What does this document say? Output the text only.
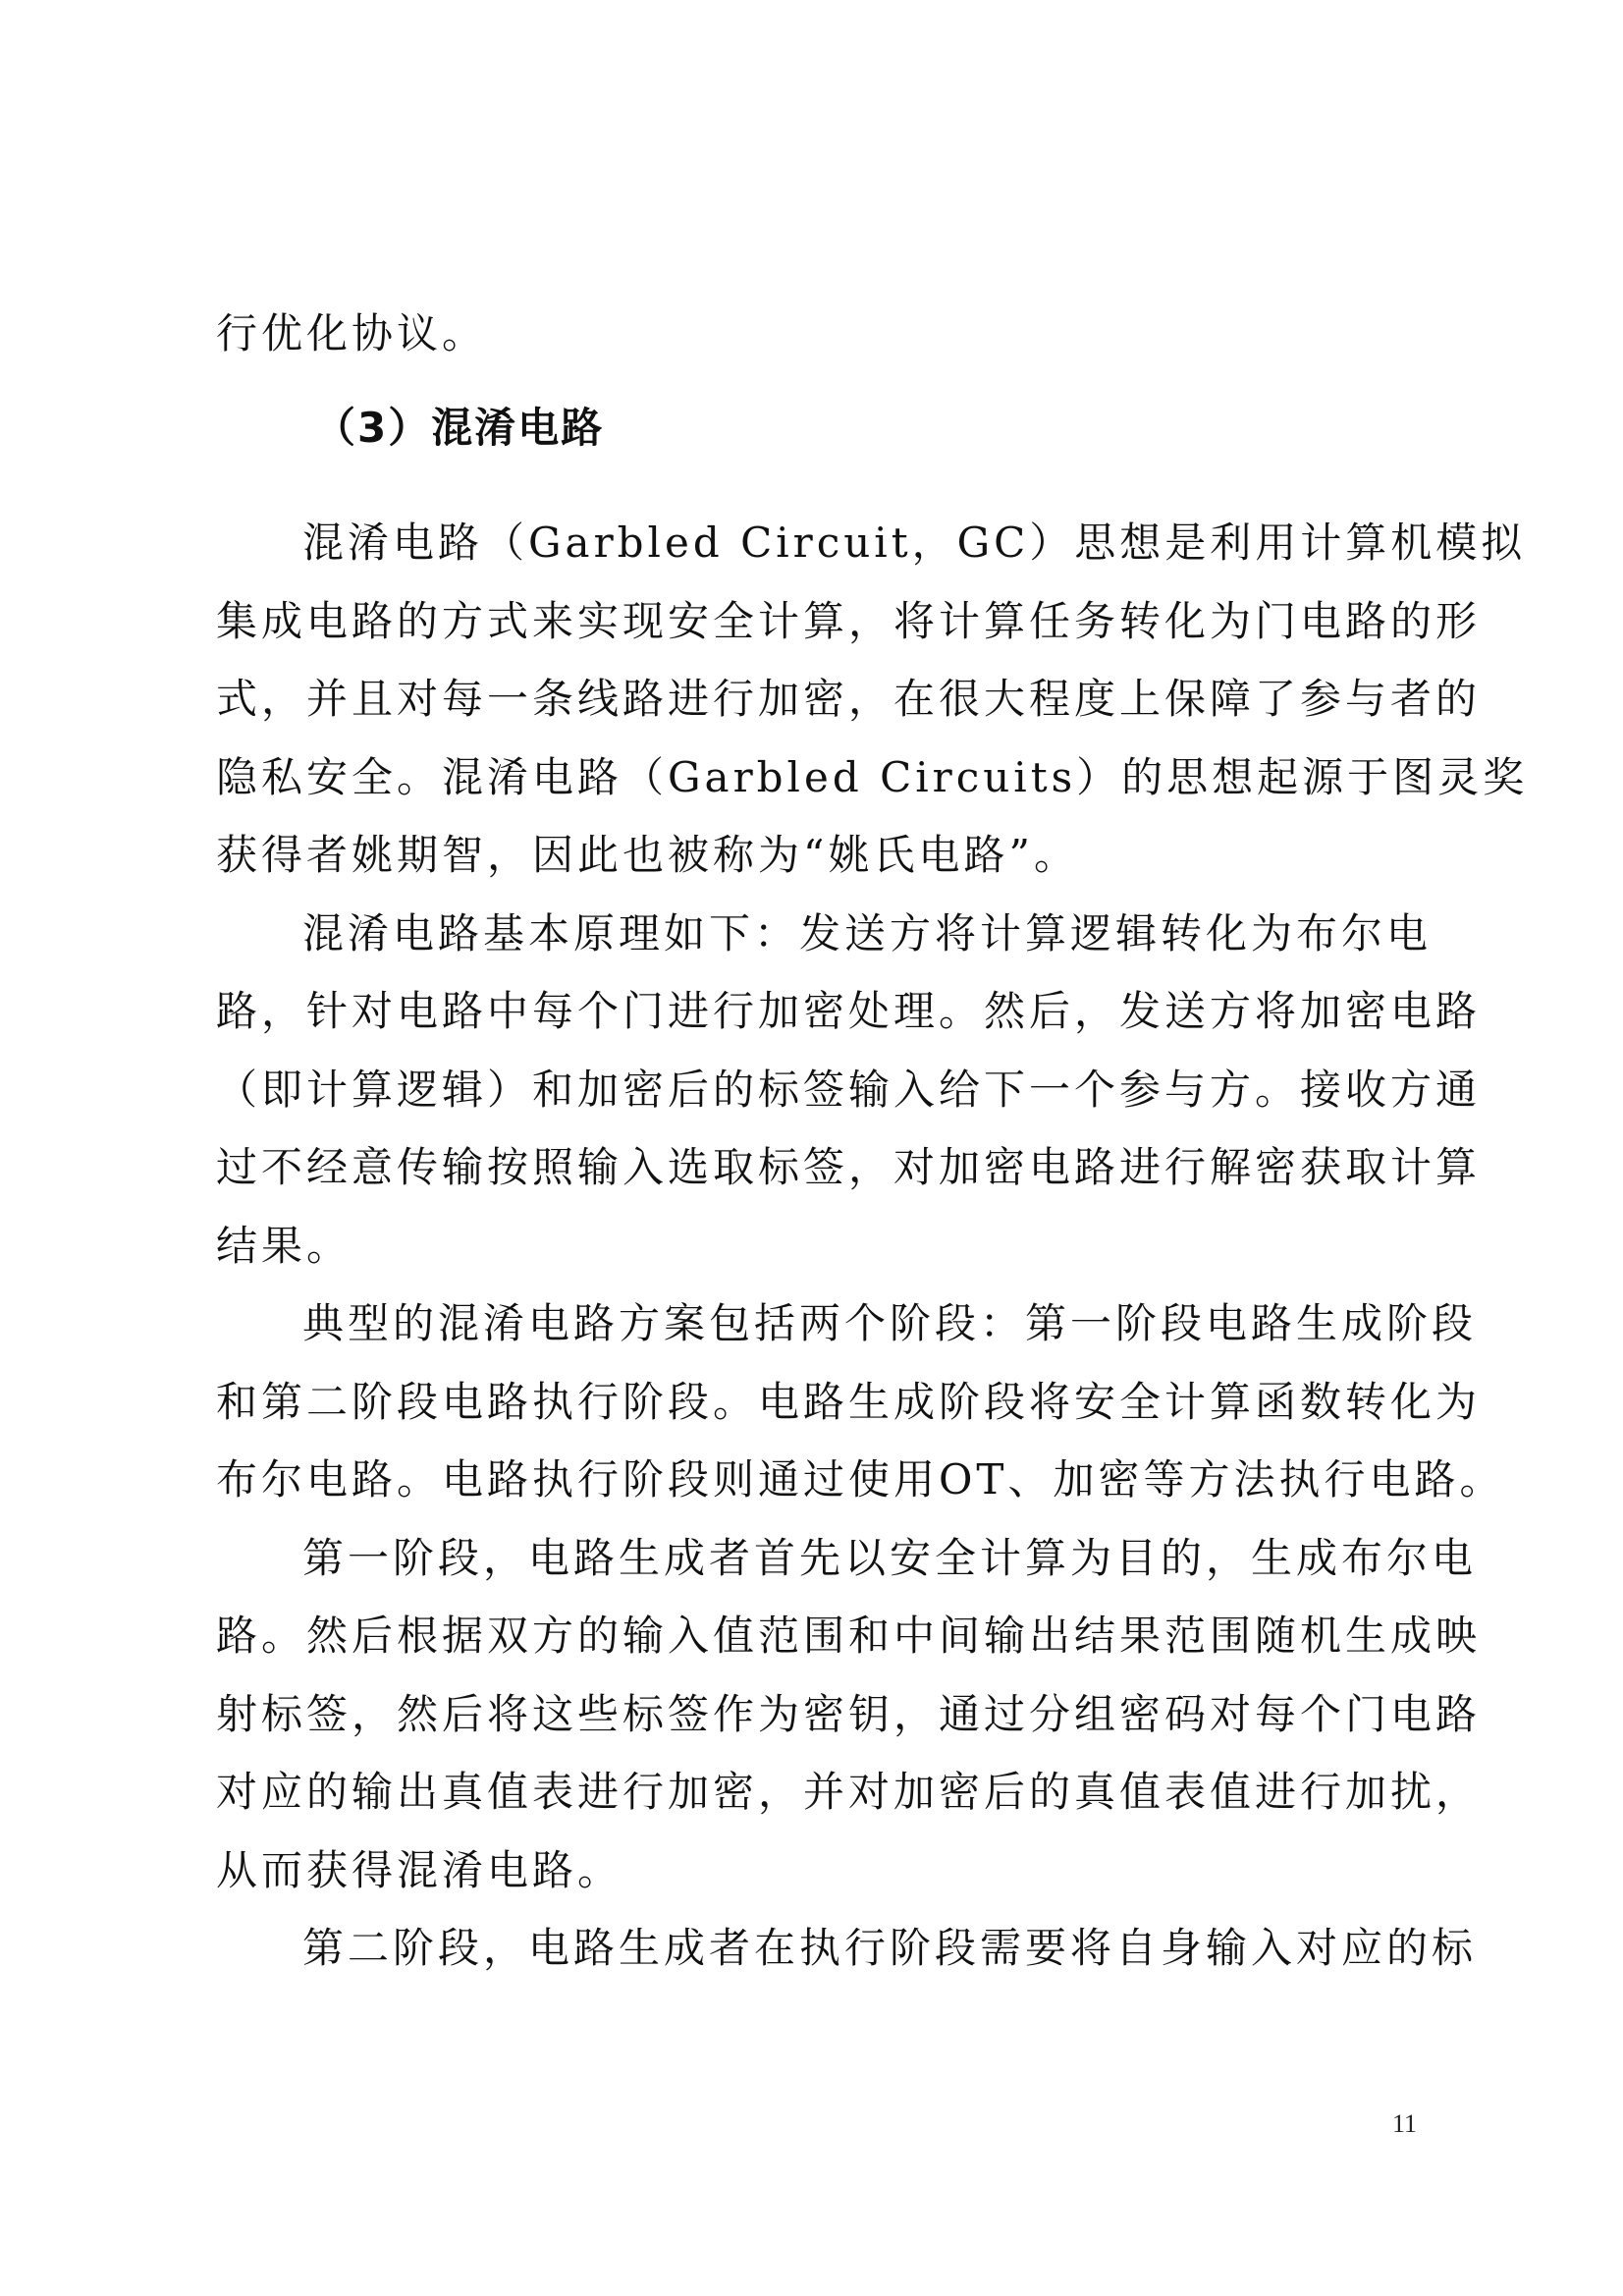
行优化协议。
（3）混淆电路
混淆电路（Garbled Circuit，GC）思想是利用计算机模拟
集成电路的方式来实现安全计算，将计算任务转化为门电路的形
式，并且对每一条线路进行加密，在很大程度上保障了参与者的
隐私安全。混淆电路（Garbled Circuits）的思想起源于图灵奖
获得者姚期智，因此也被称为“姚氏电路”。
混淆电路基本原理如下：发送方将计算逻辑转化为布尔电
路，针对电路中每个门进行加密处理。然后，发送方将加密电路
（即计算逻辑）和加密后的标签输入给下一个参与方。接收方通
过不经意传输按照输入选取标签，对加密电路进行解密获取计算
结果。
典型的混淆电路方案包括两个阶段：第一阶段电路生成阶段
和第二阶段电路执行阶段。电路生成阶段将安全计算函数转化为
布尔电路。电路执行阶段则通过使用OT、加密等方法执行电路。
第一阶段，电路生成者首先以安全计算为目的，生成布尔电
路。然后根据双方的输入值范围和中间输出结果范围随机生成映
射标签，然后将这些标签作为密钥，通过分组密码对每个门电路
对应的输出真值表进行加密，并对加密后的真值表值进行加扰，
从而获得混淆电路。
第二阶段，电路生成者在执行阶段需要将自身输入对应的标
11
